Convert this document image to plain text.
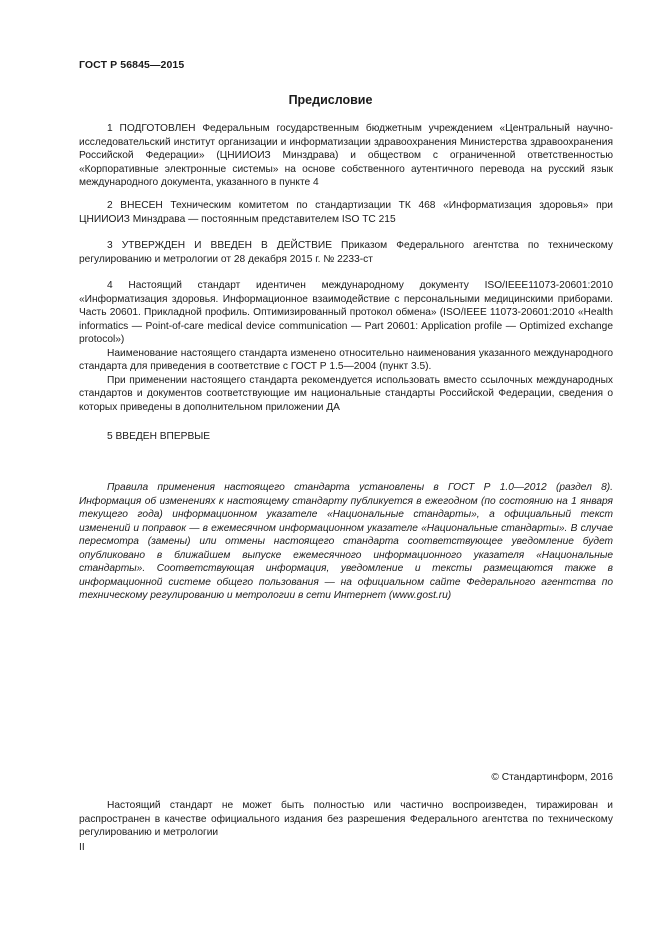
ГОСТ Р 56845—2015
Предисловие

1 ПОДГОТОВЛЕН Федеральным государственным бюджетным учреждением «Центральный научно-исследовательский институт организации и информатизации здравоохранения Министерства здравоохранения Российской Федерации» (ЦНИИОИЗ Минздрава) и обществом с ограниченной ответственностью «Корпоративные электронные системы» на основе собственного аутентичного перевода на русский язык международного документа, указанного в пункте 4

2 ВНЕСЕН Техническим комитетом по стандартизации ТК 468 «Информатизация здоровья» при ЦНИИОИЗ Минздрава — постоянным представителем ISO ТС 215

3 УТВЕРЖДЕН И ВВЕДЕН В ДЕЙСТВИЕ Приказом Федерального агентства по техническому регулированию и метрологии от 28 декабря 2015 г. № 2233-ст

4 Настоящий стандарт идентичен международному документу ISO/IEEE11073-20601:2010 «Информатизация здоровья. Информационное взаимодействие с персональными медицинскими приборами. Часть 20601. Прикладной профиль. Оптимизированный протокол обмена» (ISO/IEEE 11073-20601:2010 «Health informatics — Point-of-care medical device communication — Part 20601: Application profile — Optimized exchange protocol»)

Наименование настоящего стандарта изменено относительно наименования указанного международного стандарта для приведения в соответствие с ГОСТ Р 1.5—2004 (пункт 3.5).

При применении настоящего стандарта рекомендуется использовать вместо ссылочных международных стандартов и документов соответствующие им национальные стандарты Российской Федерации, сведения о которых приведены в дополнительном приложении ДА

5 ВВЕДЕН ВПЕРВЫЕ

Правила применения настоящего стандарта установлены в ГОСТ Р 1.0—2012 (раздел 8). Информация об изменениях к настоящему стандарту публикуется в ежегодном (по состоянию на 1 января текущего года) информационном указателе «Национальные стандарты», а официальный текст изменений и поправок — в ежемесячном информационном указателе «Национальные стандарты». В случае пересмотра (замены) или отмены настоящего стандарта соответствующее уведомление будет опубликовано в ближайшем выпуске ежемесячного информационного указателя «Национальные стандарты». Соответствующая информация, уведомление и тексты размещаются также в информационной системе общего пользования — на официальном сайте Федерального агентства по техническому регулированию и метрологии в сети Интернет (www.gost.ru)

© Стандартинформ, 2016

Настоящий стандарт не может быть полностью или частично воспроизведен, тиражирован и распространен в качестве официального издания без разрешения Федерального агентства по техническому регулированию и метрологии

II
